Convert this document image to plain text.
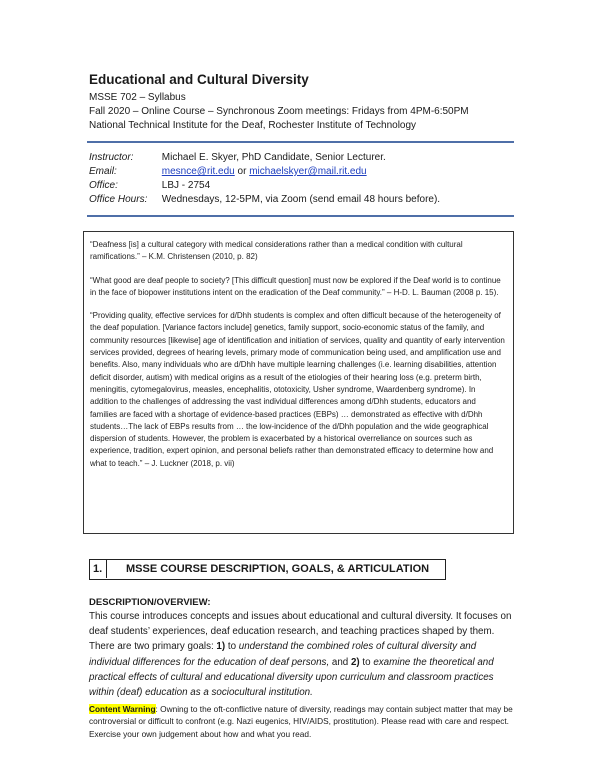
Educational and Cultural Diversity
MSSE 702 – Syllabus
Fall 2020 – Online Course – Synchronous Zoom meetings: Fridays from 4PM-6:50PM
National Technical Institute for the Deaf, Rochester Institute of Technology
Instructor:	Michael E. Skyer, PhD Candidate, Senior Lecturer.
Email:	mesnce@rit.edu or michaelskyer@mail.rit.edu
Office:	LBJ - 2754
Office Hours: Wednesdays, 12-5PM, via Zoom (send email 48 hours before).

“Deafness [is] a cultural category with medical considerations rather than a medical condition with cultural ramifications.” – K.M. Christensen (2010, p. 82)

“What good are deaf people to society? [This difficult question] must now be explored if the Deaf world is to continue in the face of biopower institutions intent on the eradication of the Deaf community.” – H-D. L. Bauman (2008 p. 15).

“Providing quality, effective services for d/Dhh students is complex and often difficult because of the heterogeneity of the deaf population. [Variance factors include] genetics, family support, socio-economic status of the family, and community resources [likewise] age of identification and initiation of services, quality and quantity of early intervention services provided, degrees of hearing levels, primary mode of communication being used, and amplification use and benefits. Also, many individuals who are d/Dhh have multiple learning challenges (i.e. learning disabilities, attention deficit disorder, autism) with medical origins as a result of the etiologies of their hearing loss (e.g. preterm birth, meningitis, cytomegalovirus, measles, encephalitis, ototoxicity, Usher syndrome, Waardenberg syndrome). In addition to the challenges of addressing the vast individual differences among d/Dhh students, educators and families are faced with a shortage of evidence-based practices (EBPs) … demonstrated as effective with d/Dhh students…The lack of EBPs results from … the low-incidence of the d/Dhh population and the wide geographical dispersion of students. However, the problem is exacerbated by a historical overreliance on sources such as experience, tradition, expert opinion, and personal beliefs rather than demonstrated efficacy to determine how and what to teach.” – J. Luckner (2018, p. vii)

1.	MSSE COURSE DESCRIPTION, GOALS, & ARTICULATION
DESCRIPTION/OVERVIEW:
This course introduces concepts and issues about educational and cultural diversity. It focuses on deaf students’ experiences, deaf education research, and teaching practices shaped by them. There are two primary goals: 1) to understand the combined roles of cultural diversity and individual differences for the education of deaf persons, and 2) to examine the theoretical and practical effects of cultural and educational diversity upon curriculum and classroom practices within (deaf) education as a sociocultural institution.
Content Warning: Owning to the oft-conflictive nature of diversity, readings may contain subject matter that may be controversial or difficult to confront (e.g. Nazi eugenics, HIV/AIDS, prostitution). Please read with care and respect. Exercise your own judgement about how and what you read.
